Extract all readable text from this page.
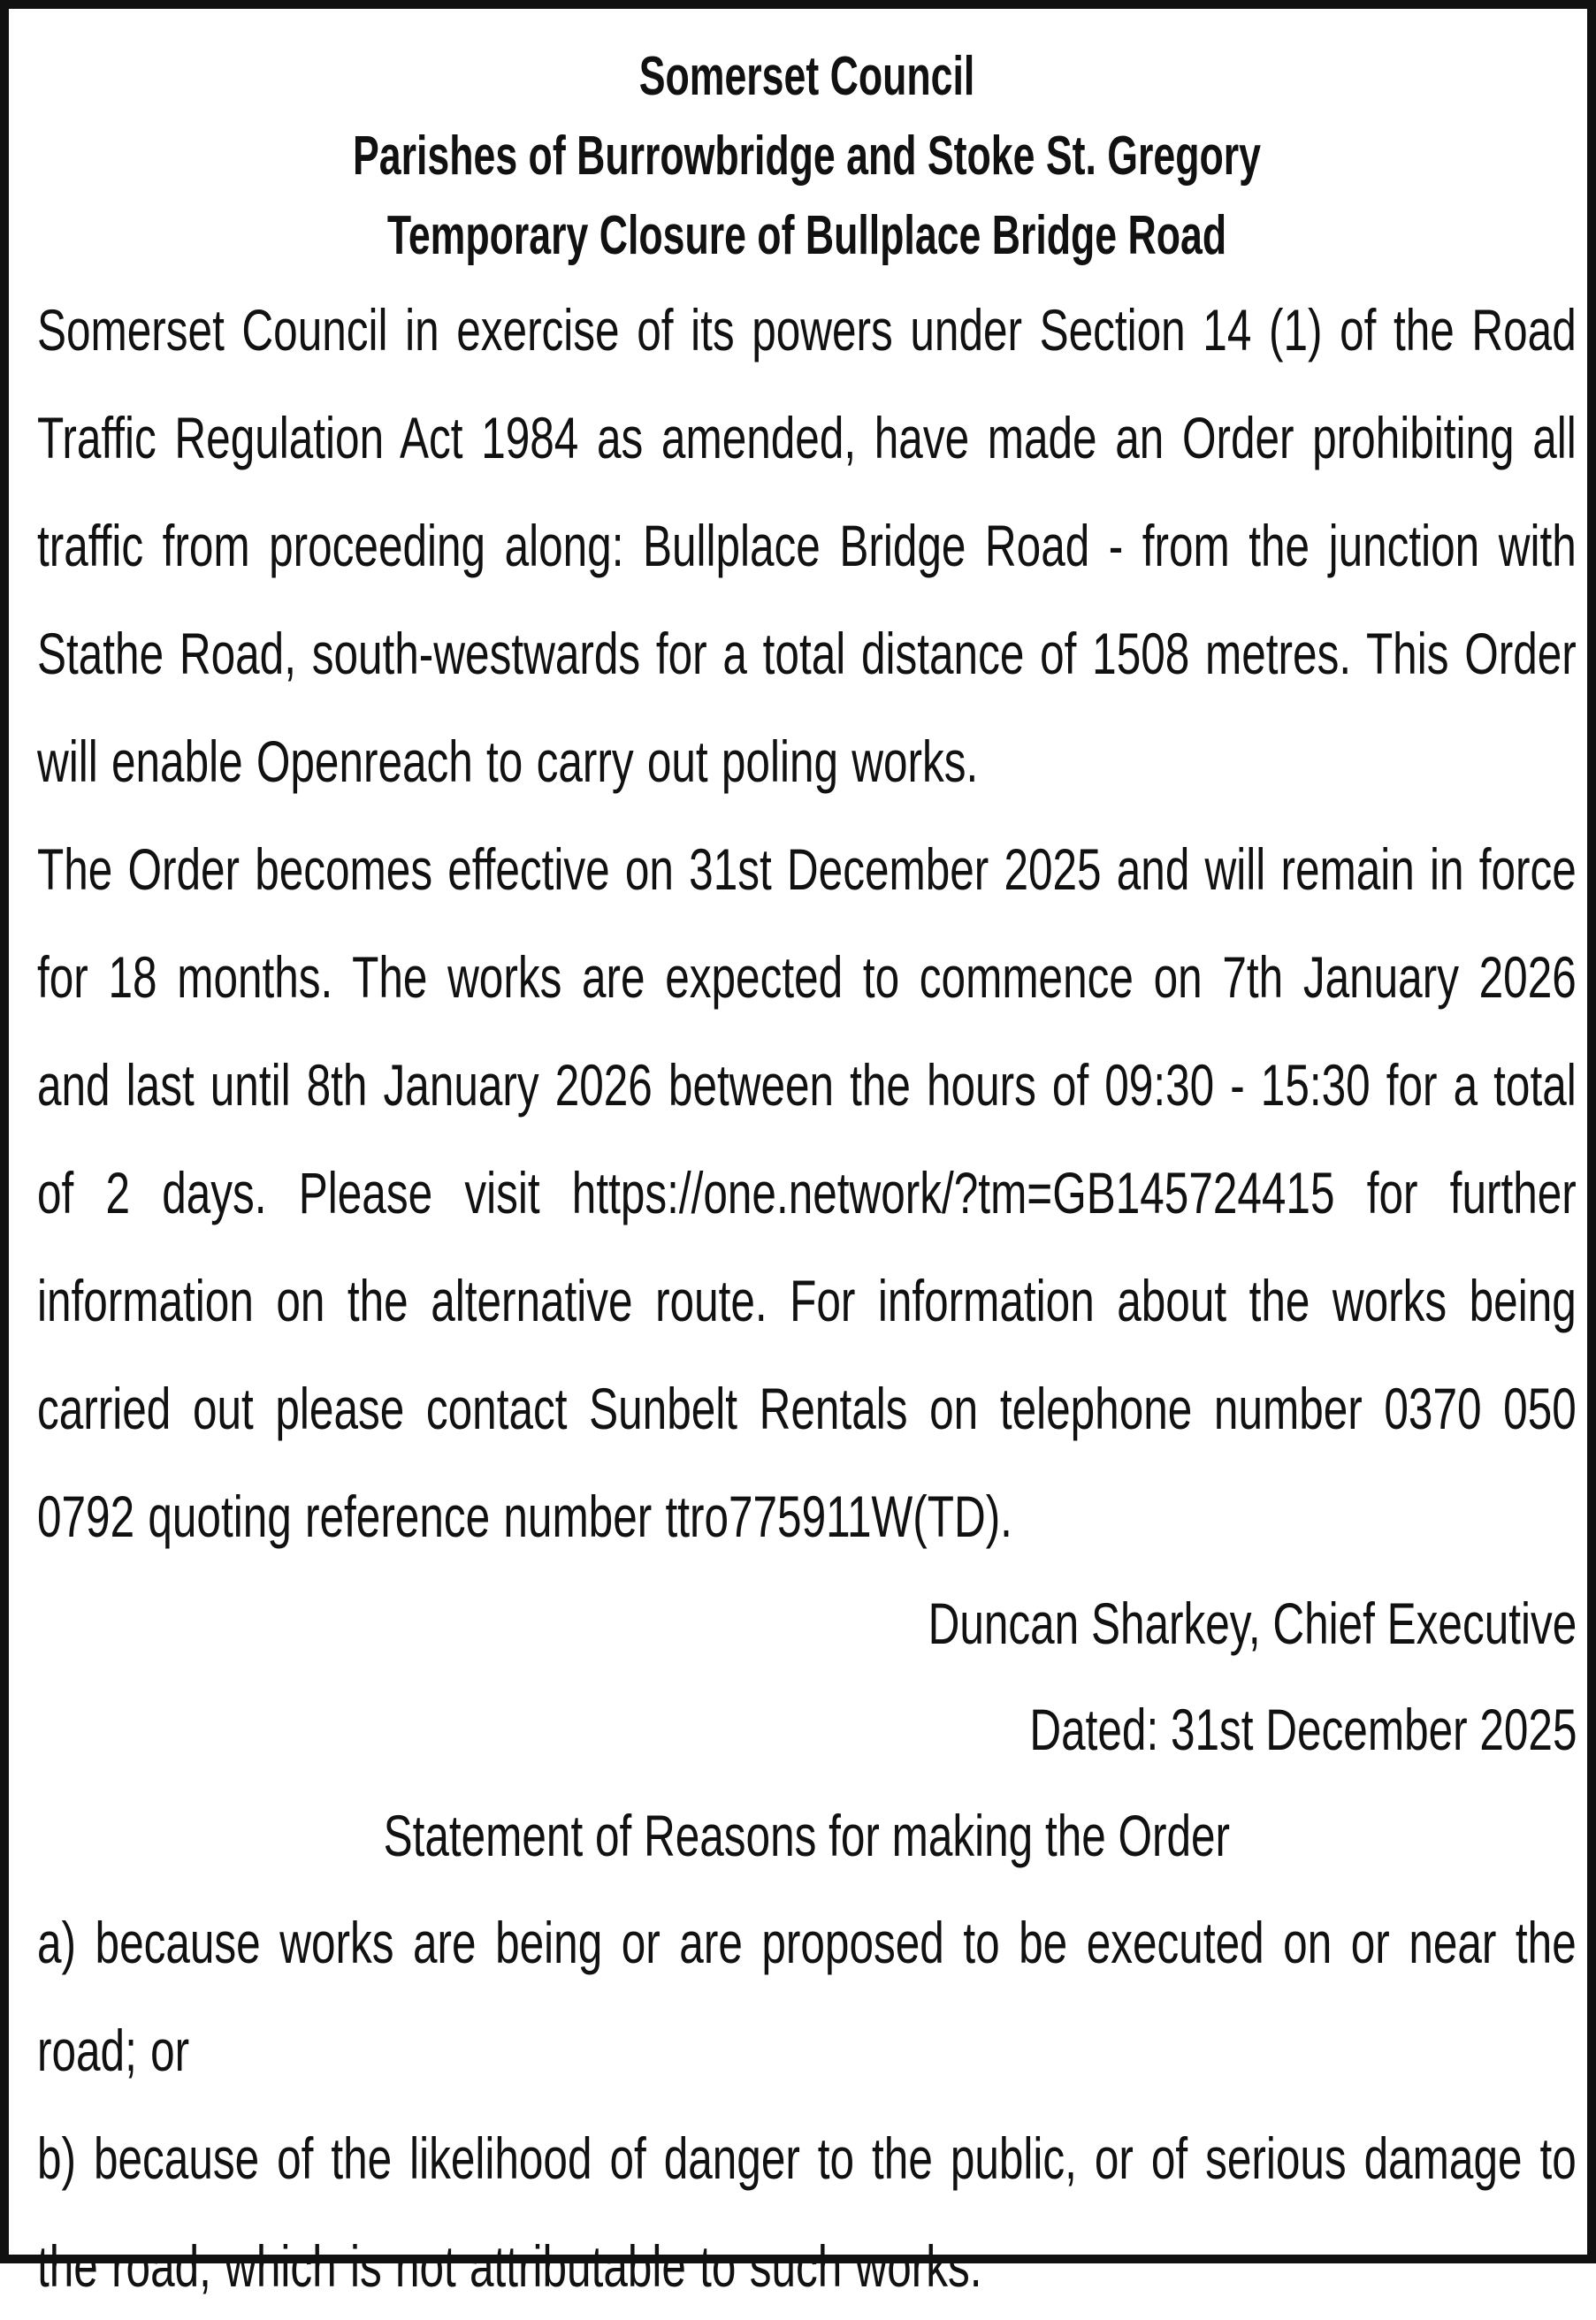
Somerset Council
Parishes of Burrowbridge and Stoke St. Gregory
Temporary Closure of Bullplace Bridge Road

Somerset Council in exercise of its powers under Section 14 (1) of the Road Traffic Regulation Act 1984 as amended, have made an Order prohibiting all traffic from proceeding along: Bullplace Bridge Road - from the junction with Stathe Road, south-westwards for a total distance of 1508 metres. This Order will enable Openreach to carry out poling works.

The Order becomes effective on 31st December 2025 and will remain in force for 18 months. The works are expected to commence on 7th January 2026 and last until 8th January 2026 between the hours of 09:30 - 15:30 for a total of 2 days. Please visit https://one.network/?tm=GB145724415 for further information on the alternative route. For information about the works being carried out please contact Sunbelt Rentals on telephone number 0370 050 0792 quoting reference number ttro775911W(TD).

Duncan Sharkey, Chief Executive
Dated: 31st December 2025
Statement of Reasons for making the Order

a) because works are being or are proposed to be executed on or near the road; or

b) because of the likelihood of danger to the public, or of serious damage to the road, which is not attributable to such works.
